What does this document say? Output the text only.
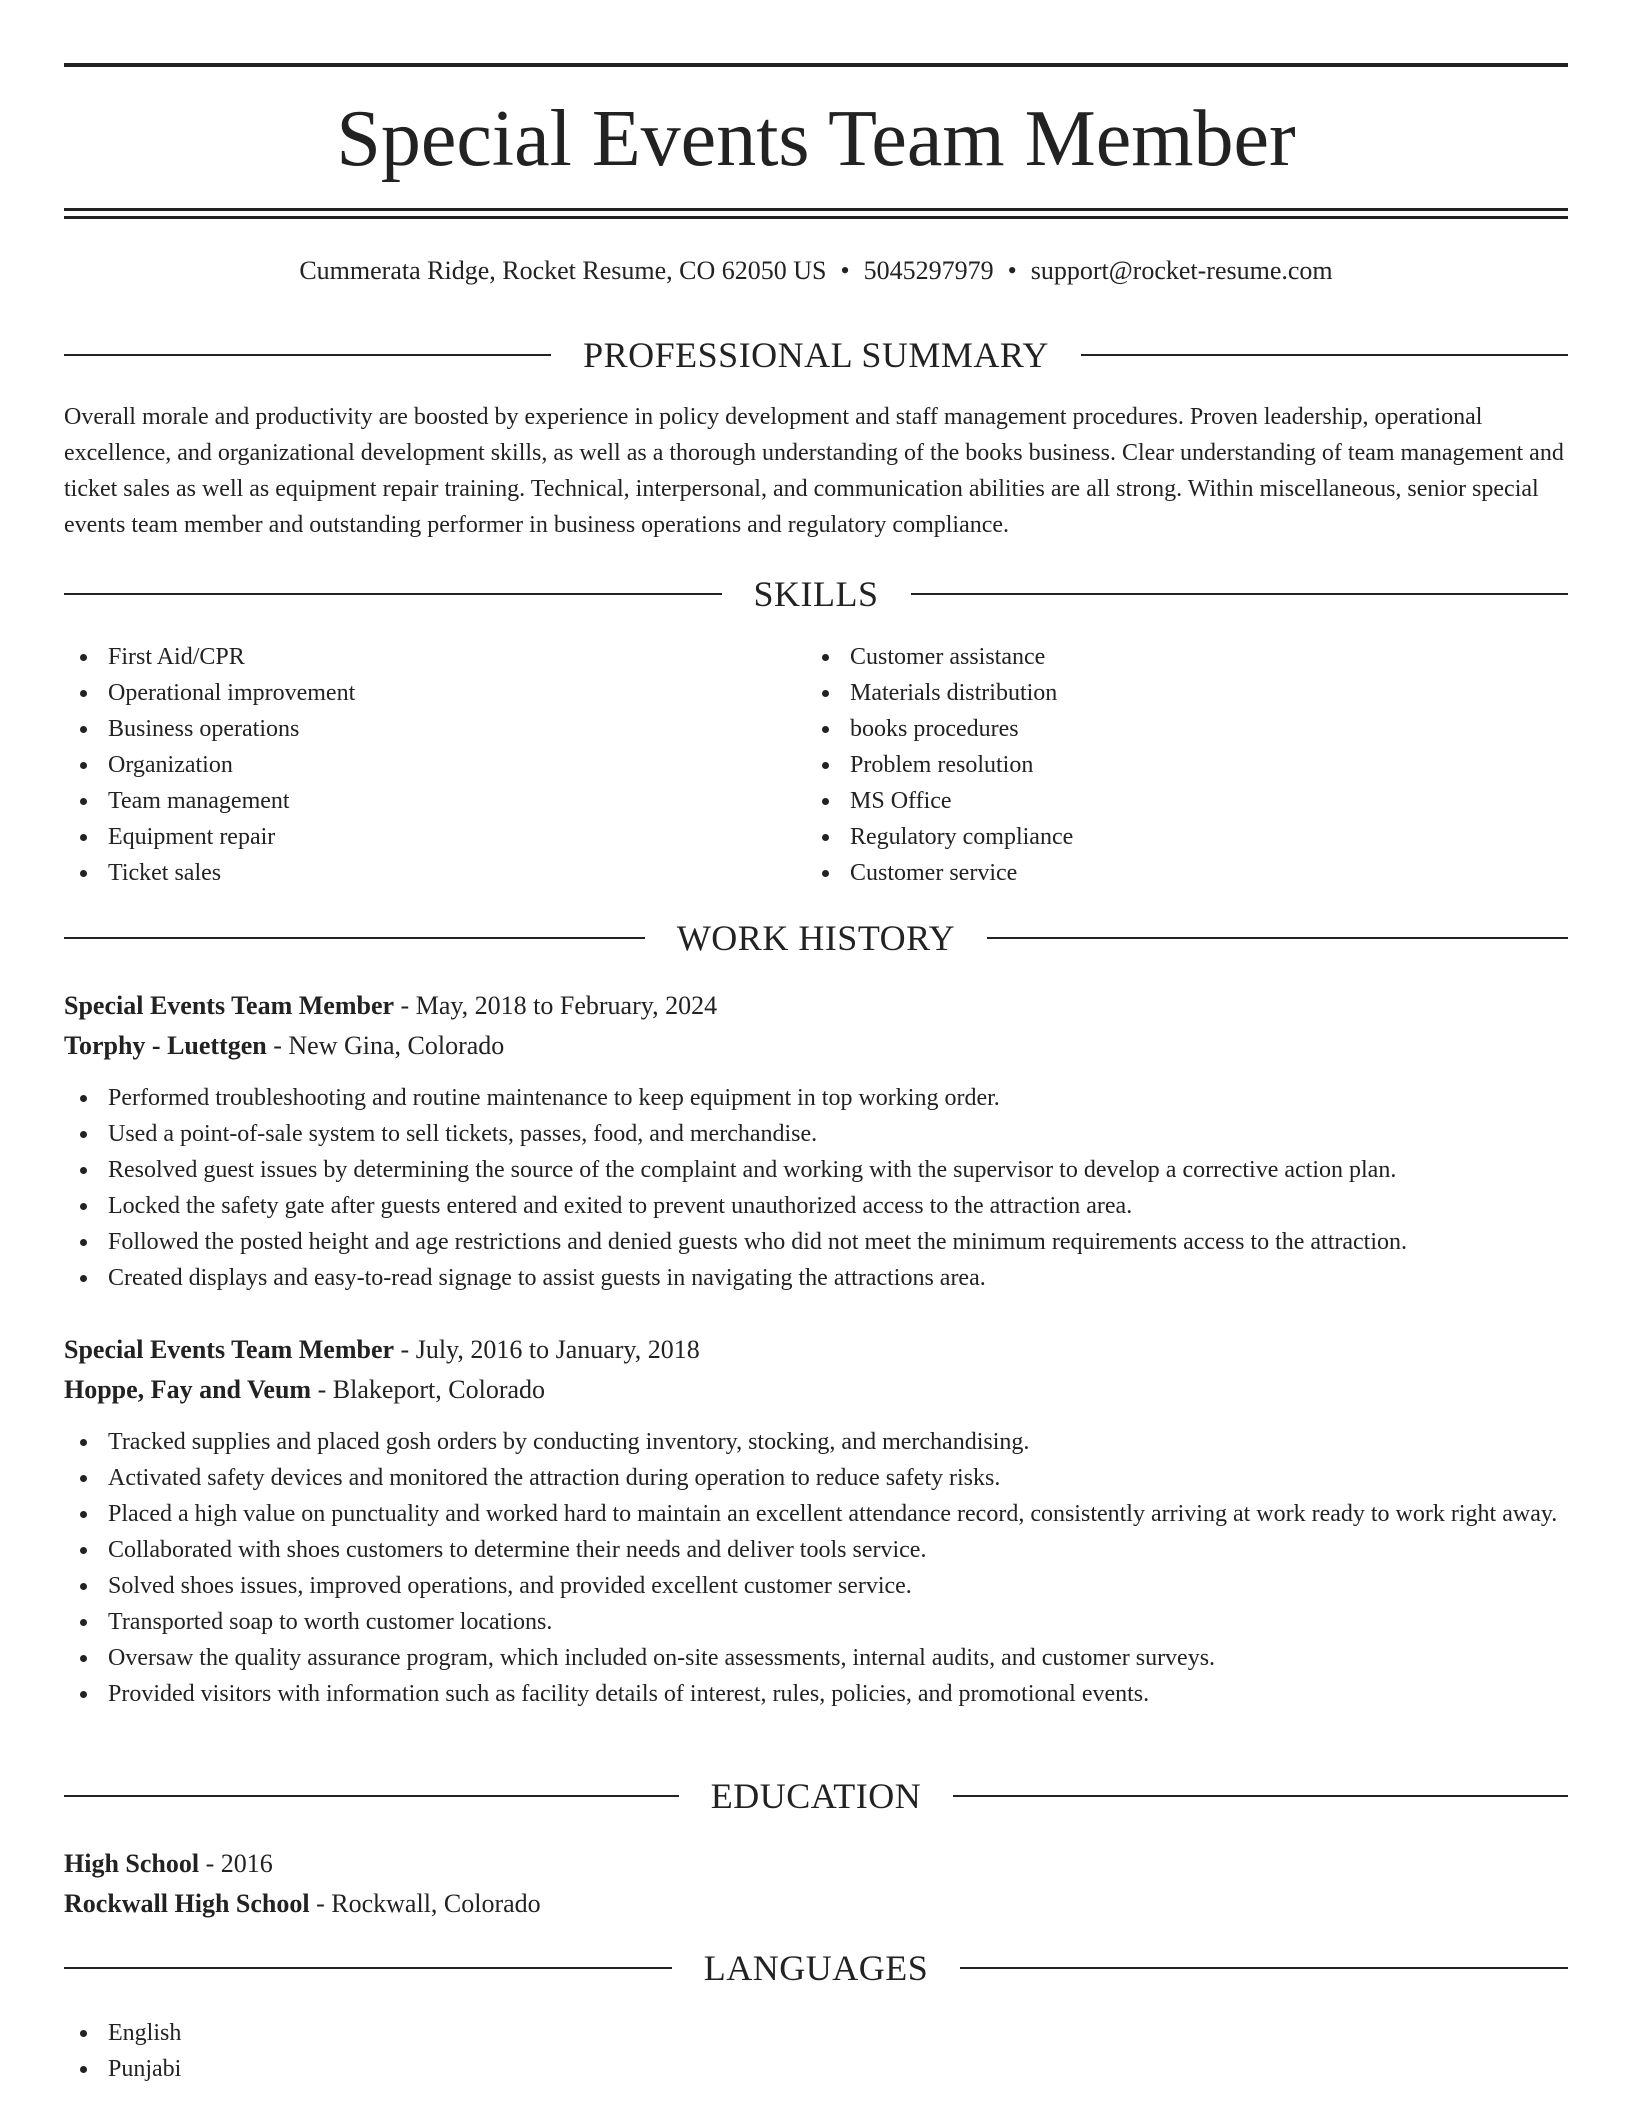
Special Events Team Member
Cummerata Ridge, Rocket Resume, CO 62050 US • 5045297979 • support@rocket-resume.com
PROFESSIONAL SUMMARY

Overall morale and productivity are boosted by experience in policy development and staff management procedures. Proven leadership, operational excellence, and organizational development skills, as well as a thorough understanding of the books business. Clear understanding of team management and ticket sales as well as equipment repair training. Technical, interpersonal, and communication abilities are all strong. Within miscellaneous, senior special events team member and outstanding performer in business operations and regulatory compliance.

SKILLS
First Aid/CPR
Operational improvement
Business operations
Organization
Team management
Equipment repair
Ticket sales
Customer assistance
Materials distribution
books procedures
Problem resolution
MS Office
Regulatory compliance
Customer service
WORK HISTORY
Special Events Team Member - May, 2018 to February, 2024
Torphy - Luettgen - New Gina, Colorado
Performed troubleshooting and routine maintenance to keep equipment in top working order.
Used a point-of-sale system to sell tickets, passes, food, and merchandise.
Resolved guest issues by determining the source of the complaint and working with the supervisor to develop a corrective action plan.
Locked the safety gate after guests entered and exited to prevent unauthorized access to the attraction area.
Followed the posted height and age restrictions and denied guests who did not meet the minimum requirements access to the attraction.
Created displays and easy-to-read signage to assist guests in navigating the attractions area.
Special Events Team Member - July, 2016 to January, 2018
Hoppe, Fay and Veum - Blakeport, Colorado
Tracked supplies and placed gosh orders by conducting inventory, stocking, and merchandising.
Activated safety devices and monitored the attraction during operation to reduce safety risks.
Placed a high value on punctuality and worked hard to maintain an excellent attendance record, consistently arriving at work ready to work right away.
Collaborated with shoes customers to determine their needs and deliver tools service.
Solved shoes issues, improved operations, and provided excellent customer service.
Transported soap to worth customer locations.
Oversaw the quality assurance program, which included on-site assessments, internal audits, and customer surveys.
Provided visitors with information such as facility details of interest, rules, policies, and promotional events.
EDUCATION
High School - 2016
Rockwall High School - Rockwall, Colorado
LANGUAGES
English
Punjabi
